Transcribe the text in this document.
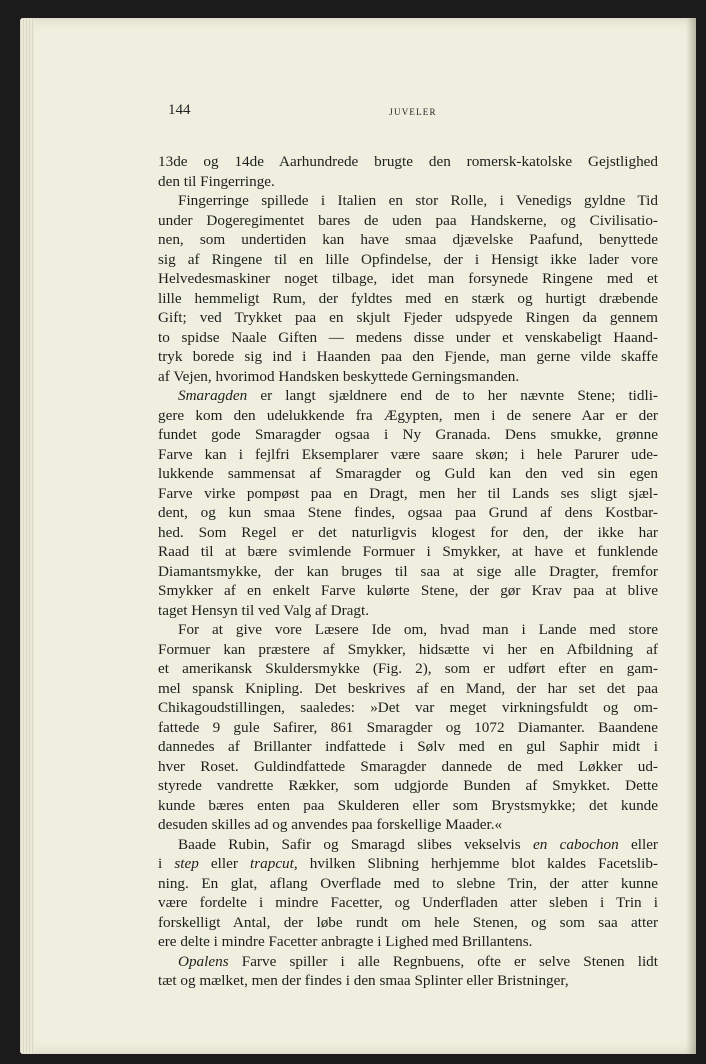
144	JUVELER
13de og 14de Aarhundrede brugte den romersk-katolske Gejstlighed
den til Fingerringe.
Fingerringe spillede i Italien en stor Rolle, i Venedigs gyldne Tid
under Dogeregimentet bares de uden paa Handskerne, og Civilisatio-
nen, som undertiden kan have smaa djævelske Paafund, benyttede
sig af Ringene til en lille Opfindelse, der i Hensigt ikke lader vore
Helvedesmaskiner noget tilbage, idet man forsynede Ringene med et
lille hemmeligt Rum, der fyldtes med en stærk og hurtigt dræbende
Gift; ved Trykket paa en skjult Fjeder udspyede Ringen da gennem
to spidse Naale Giften — medens disse under et venskabeligt Haand-
tryk borede sig ind i Haanden paa den Fjende, man gerne vilde skaffe
af Vejen, hvorimod Handsken beskyttede Gerningsmanden.
Smaragden er langt sjældnere end de to her nævnte Stene; tidli-
gere kom den udelukkende fra Ægypten, men i de senere Aar er der
fundet gode Smaragder ogsaa i Ny Granada. Dens smukke, grønne
Farve kan i fejlfri Eksemplarer være saare skøn; i hele Parurer ude-
lukkende sammensat af Smaragder og Guld kan den ved sin egen
Farve virke pompøst paa en Dragt, men her til Lands ses sligt sjæl-
dent, og kun smaa Stene findes, ogsaa paa Grund af dens Kostbar-
hed. Som Regel er det naturligvis klogest for den, der ikke har
Raad til at bære svimlende Formuer i Smykker, at have et funklende
Diamantsmykke, der kan bruges til saa at sige alle Dragter, fremfor
Smykker af en enkelt Farve kulørte Stene, der gør Krav paa at blive
taget Hensyn til ved Valg af Dragt.
For at give vore Læsere Ide om, hvad man i Lande med store
Formuer kan præstere af Smykker, hidsætte vi her en Afbildning af
et amerikansk Skuldersmykke (Fig. 2), som er udført efter en gam-
mel spansk Knipling. Det beskrives af en Mand, der har set det paa
Chikagoudstillingen, saaledes: »Det var meget virkningsfuldt og om-
fattede 9 gule Safirer, 861 Smaragder og 1072 Diamanter. Baandene
dannedes af Brillanter indfattede i Sølv med en gul Saphir midt i
hver Roset. Guldindfattede Smaragder dannede de med Løkker ud-
styrede vandrette Rækker, som udgjorde Bunden af Smykket. Dette
kunde bæres enten paa Skulderen eller som Brystsmykke; det kunde
desuden skilles ad og anvendes paa forskellige Maader.«
Baade Rubin, Safir og Smaragd slibes vekselvis en cabochon eller
i step eller trapcut, hvilken Slibning herhjemme blot kaldes Facetslib-
ning. En glat, aflang Overflade med to slebne Trin, der atter kunne
være fordelte i mindre Facetter, og Underfladen atter sleben i Trin i
forskelligt Antal, der løbe rundt om hele Stenen, og som saa atter
ere delte i mindre Facetter anbragte i Lighed med Brillantens.
Opalens Farve spiller i alle Regnbuens, ofte er selve Stenen lidt
tæt og mælket, men der findes i den smaa Splinter eller Bristninger,
